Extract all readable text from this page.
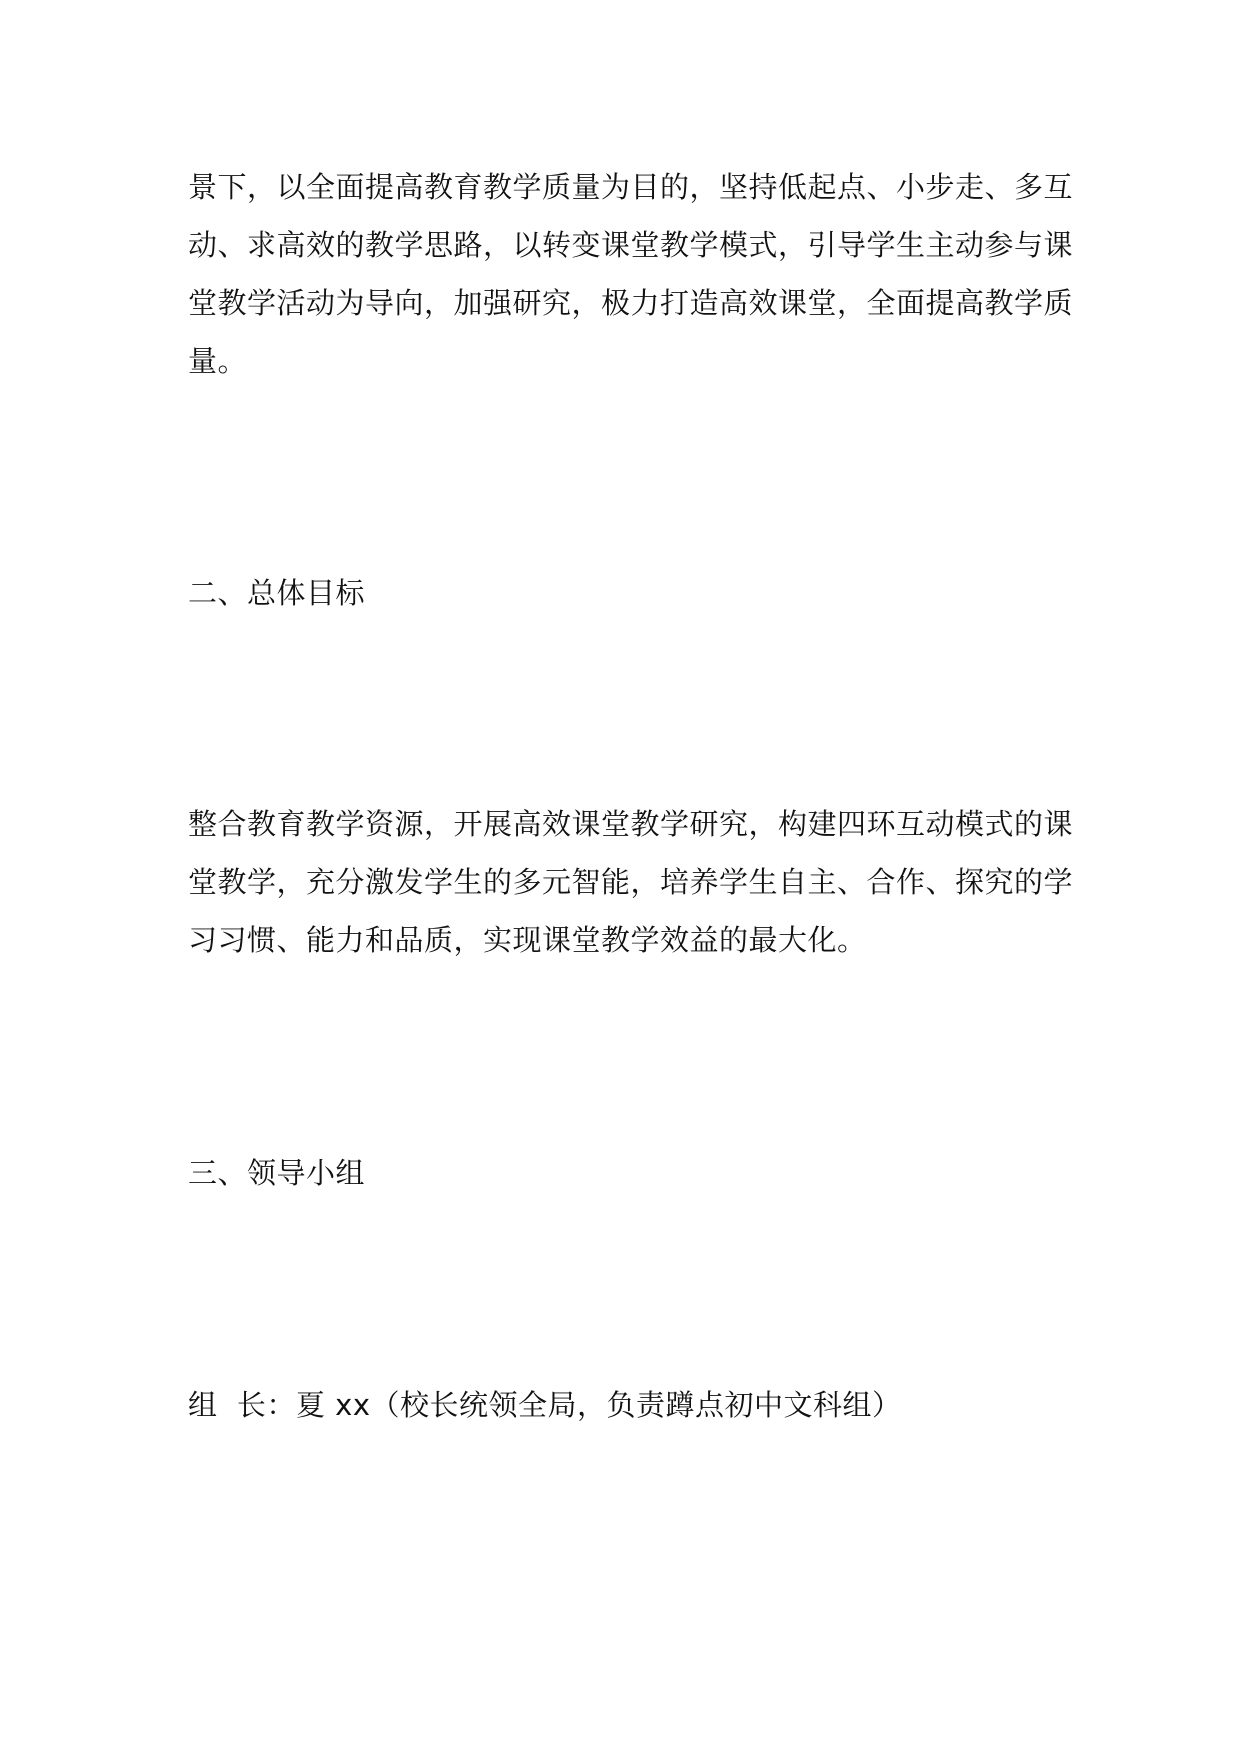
景下，以全面提高教育教学质量为目的，坚持低起点、小步走、多互
动、求高效的教学思路，以转变课堂教学模式，引导学生主动参与课
堂教学活动为导向，加强研究，极力打造高效课堂，全面提高教学质
量。
二、总体目标
整合教育教学资源，开展高效课堂教学研究，构建四环互动模式的课
堂教学，充分激发学生的多元智能，培养学生自主、合作、探究的学
习习惯、能力和品质，实现课堂教学效益的最大化。
三、领导小组
组  长：夏 xx（校长统领全局，负责蹲点初中文科组）
